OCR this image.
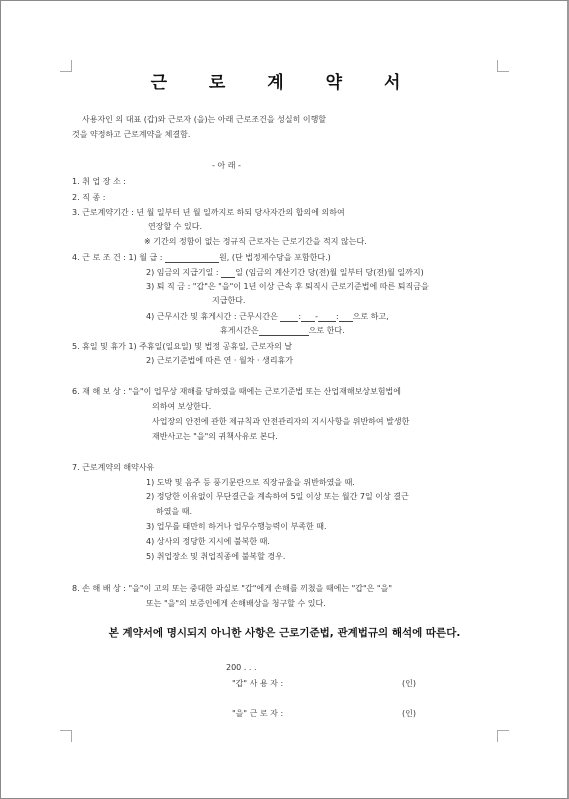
근 로 계 약 서
사용자인 의 대표 (갑)와 근로자 (을)는 아래 근로조건을 성실히 이행할
것을 약정하고 근로계약을 체결함.
- 아 래 -
1. 취 업 장 소 :
2. 직 종 :
3. 근로계약기간 : 년 월 일부터 년 월 일까지로 하되 당사자간의 합의에 의하여
연장할 수 있다.
※ 기간의 정함이 없는 정규직 근로자는 근로기간을 적지 않는다.
4. 근 로 조 건 : 1) 월 급 :	원, (단 법정제수당을 포함한다.)
2) 임금의 지급기일 : 일 (임금의 계산기간 당(전)월 일부터 당(전)월 일까지)
3) 퇴 직 금 : "갑"은 "을"이 1년 이상 근속 후 퇴직시 근로기준법에 따른 퇴직금을
지급한다.
4) 근무시간 및 휴게시간 : 근무시간은	: - : 으로 하고,
휴게시간은	으로 한다.
5. 휴일 및 휴가 1) 주휴일(일요일) 및 법정 공휴일, 근로자의 날
2) 근로기준법에 따른 연 · 월차 · 생리휴가
6. 재 해 보 상 : "을"이 업무상 재해를 당하였을 때에는 근로기준법 또는 산업재해보상보험법에
의하여 보상한다.
사업장의 안전에 관한 제규칙과 안전관리자의 지시사항을 위반하여 발생한
재반사고는 "을"의 귀책사유로 본다.
7. 근로계약의 해약사유
1) 도박 및 음주 등 풍기문란으로 직장규율을 위반하였을 때.
2) 정당한 이유없이 무단결근을 계속하여 5일 이상 또는 월간 7일 이상 결근
하였을 때.
3) 업무를 태만히 하거나 업무수행능력이 부족한 때.
4) 상사의 정당한 지시에 불복한 때.
5) 취업장소 및 취업직종에 불복할 경우.
8. 손 해 배 상 : "을"이 고의 또는 중대한 과실로 "갑"에게 손해를 끼쳤을 때에는 "갑"은 "을"
또는 "을"의 보증인에게 손해배상을 청구할 수 있다.
본 계약서에 명시되지 아니한 사항은 근로기준법, 관계법규의 해석에 따른다.
200 . . .
"갑" 사 용 자 :	(인)
"을" 근 로 자 :	(인)
